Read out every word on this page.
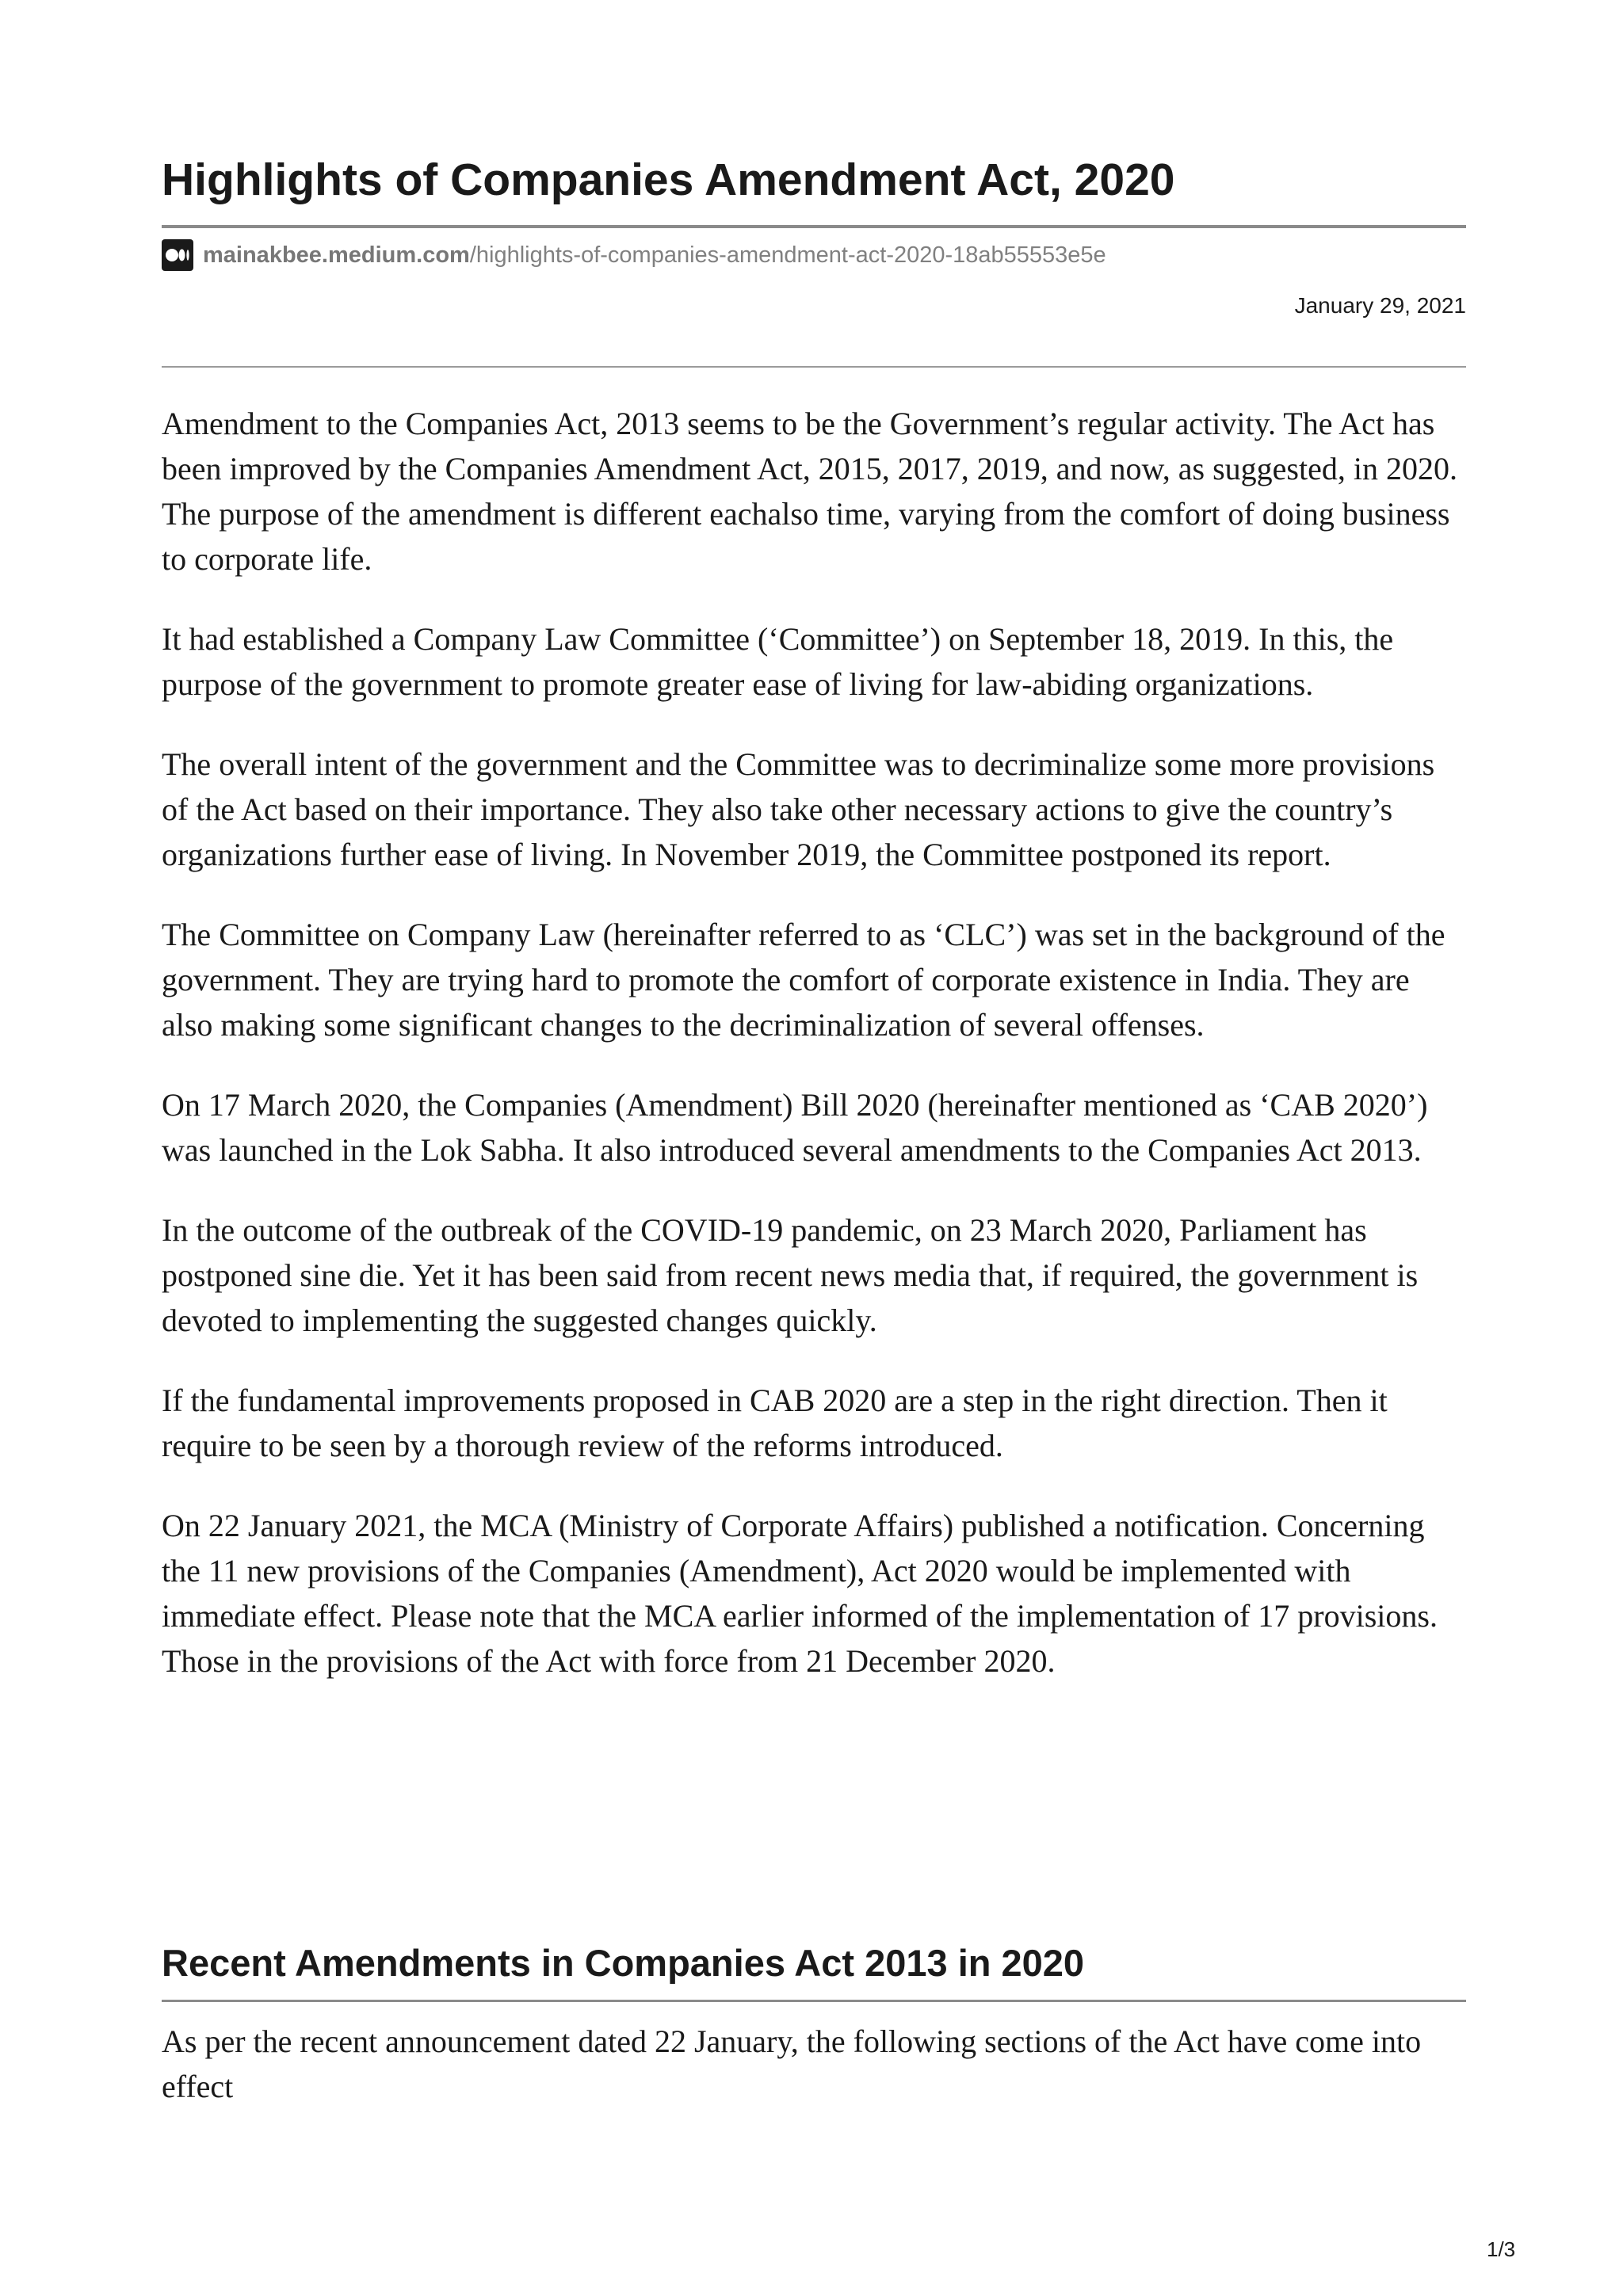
Highlights of Companies Amendment Act, 2020
mainakbee.medium.com /highlights-of-companies-amendment-act-2020-18ab55553e5e
January 29, 2021

Amendment to the Companies Act, 2013 seems to be the Government’s regular activity. The Act has been improved by the Companies Amendment Act, 2015, 2017, 2019, and now, as suggested, in 2020. The purpose of the amendment is different eachalso time, varying from the comfort of doing business to corporate life.

It had established a Company Law Committee (‘Committee’) on September 18, 2019. In this, the purpose of the government to promote greater ease of living for law-abiding organizations.

The overall intent of the government and the Committee was to decriminalize some more provisions of the Act based on their importance. They also take other necessary actions to give the country’s organizations further ease of living. In November 2019, the Committee postponed its report.

The Committee on Company Law (hereinafter referred to as ‘CLC’) was set in the background of the government. They are trying hard to promote the comfort of corporate existence in India. They are also making some significant changes to the decriminalization of several offenses.

On 17 March 2020, the Companies (Amendment) Bill 2020 (hereinafter mentioned as ‘CAB 2020’) was launched in the Lok Sabha. It also introduced several amendments to the Companies Act 2013.

In the outcome of the outbreak of the COVID-19 pandemic, on 23 March 2020, Parliament has postponed sine die. Yet it has been said from recent news media that, if required, the government is devoted to implementing the suggested changes quickly.

If the fundamental improvements proposed in CAB 2020 are a step in the right direction. Then it require to be seen by a thorough review of the reforms introduced.

On 22 January 2021, the MCA (Ministry of Corporate Affairs) published a notification. Concerning the 11 new provisions of the Companies (Amendment), Act 2020 would be implemented with immediate effect. Please note that the MCA earlier informed of the implementation of 17 provisions. Those in the provisions of the Act with force from 21 December 2020.

Recent Amendments in Companies Act 2013 in 2020

As per the recent announcement dated 22 January, the following sections of the Act have come into effect

1/3
